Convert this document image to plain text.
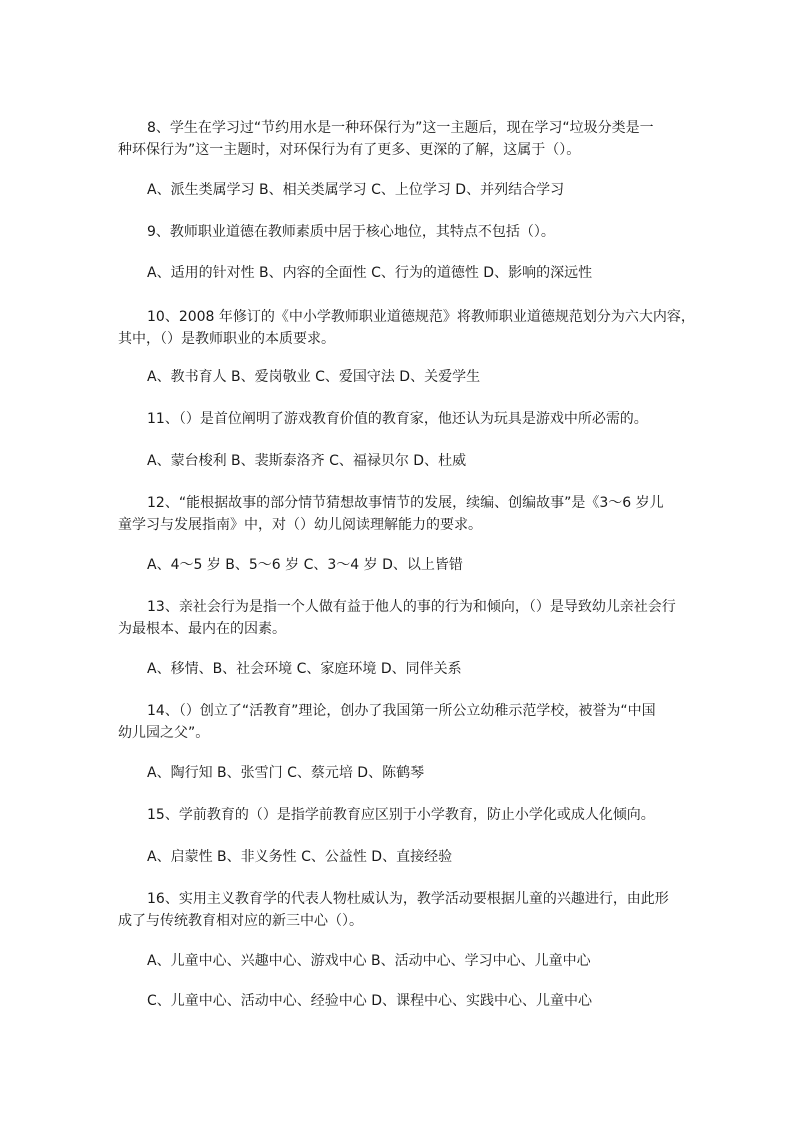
8、学生在学习过“节约用水是一种环保行为”这一主题后，现在学习“垃圾分类是一
种环保行为”这一主题时，对环保行为有了更多、更深的了解，这属于（）。
A、派生类属学习 B、相关类属学习 C、上位学习 D、并列结合学习
9、教师职业道德在教师素质中居于核心地位，其特点不包括（）。
A、适用的针对性 B、内容的全面性 C、行为的道德性 D、影响的深远性
10、2008 年修订的《中小学教师职业道德规范》将教师职业道德规范划分为六大内容，
其中，（）是教师职业的本质要求。
A、教书育人 B、爱岗敬业 C、爱国守法 D、关爱学生
11、（）是首位阐明了游戏教育价值的教育家，他还认为玩具是游戏中所必需的。
A、蒙台梭利 B、裴斯泰洛齐 C、福禄贝尔 D、杜威
12、“能根据故事的部分情节猜想故事情节的发展，续编、创编故事”是《3～6 岁儿
童学习与发展指南》中，对（）幼儿阅读理解能力的要求。
A、4～5 岁 B、5～6 岁 C、3～4 岁 D、以上皆错
13、亲社会行为是指一个人做有益于他人的事的行为和倾向，（）是导致幼儿亲社会行
为最根本、最内在的因素。
A、移情、B、社会环境 C、家庭环境 D、同伴关系
14、（）创立了“活教育”理论，创办了我国第一所公立幼稚示范学校，被誉为“中国
幼儿园之父”。
A、陶行知 B、张雪门 C、蔡元培 D、陈鹤琴
15、学前教育的（）是指学前教育应区别于小学教育，防止小学化或成人化倾向。
A、启蒙性 B、非义务性 C、公益性 D、直接经验
16、实用主义教育学的代表人物杜威认为，教学活动要根据儿童的兴趣进行，由此形
成了与传统教育相对应的新三中心（）。
A、儿童中心、兴趣中心、游戏中心 B、活动中心、学习中心、儿童中心
C、儿童中心、活动中心、经验中心 D、课程中心、实践中心、儿童中心
